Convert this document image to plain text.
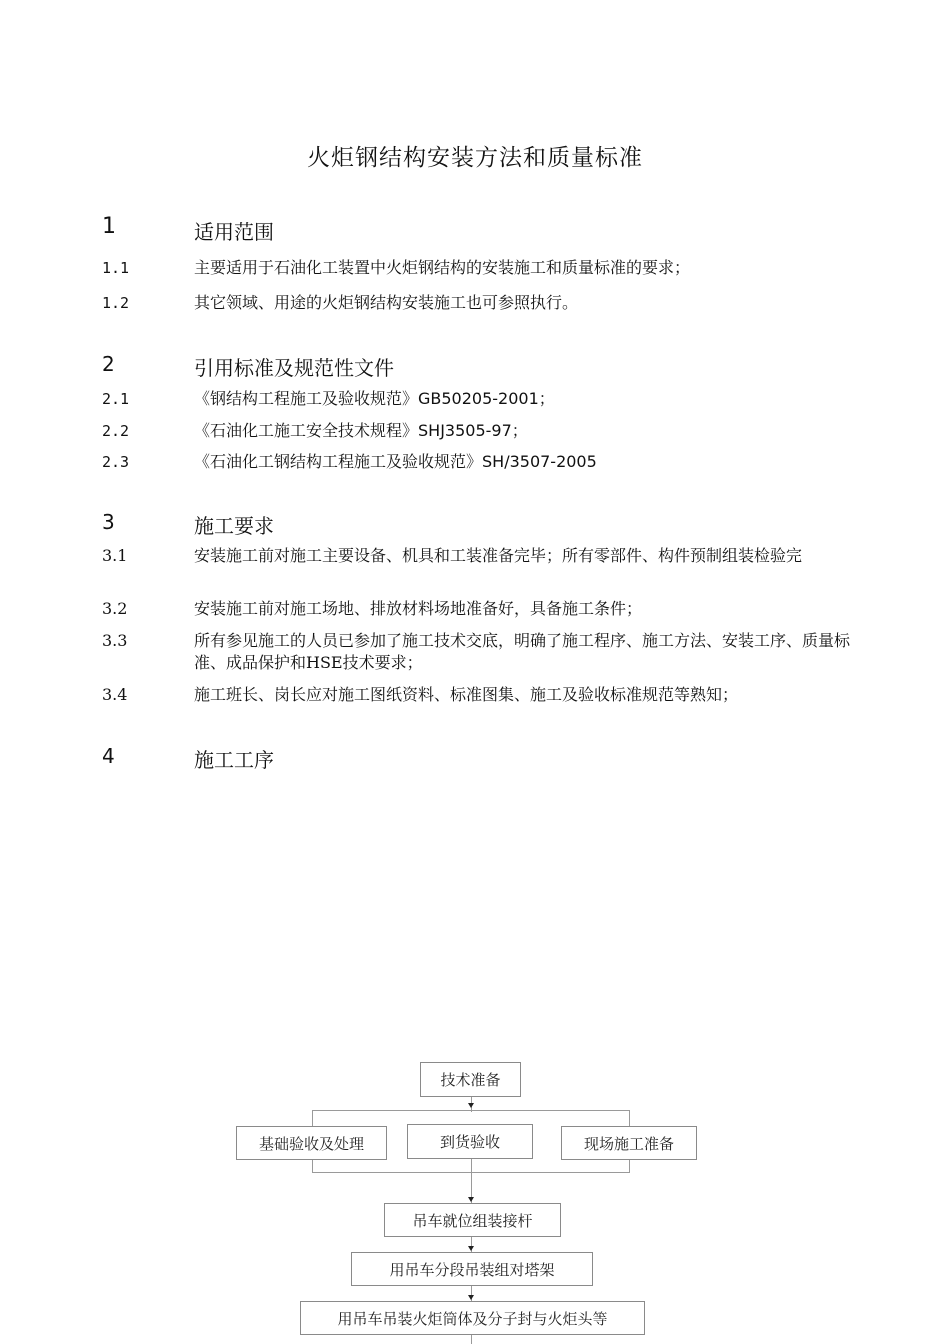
火炬钢结构安装方法和质量标准
1	适用范围
1.1	主要适用于石油化工装置中火炬钢结构的安装施工和质量标准的要求；
1.2	其它领域、用途的火炬钢结构安装施工也可参照执行。
2	引用标准及规范性文件
2.1	《钢结构工程施工及验收规范》GB50205-2001；
2.2	《石油化工施工安全技术规程》SHJ3505-97；
2.3	《石油化工钢结构工程施工及验收规范》SH/3507-2005
3	施工要求
3.1	安装施工前对施工主要设备、机具和工装准备完毕；所有零部件、构件预制组装检验完
3.2	安装施工前对施工场地、排放材料场地准备好，具备施工条件；
3.3	所有参见施工的人员已参加了施工技术交底，明确了施工程序、施工方法、安装工序、质量标准、成品保护和HSE技术要求；
3.4	施工班长、岗长应对施工图纸资料、标准图集、施工及验收标准规范等熟知；
4	施工工序
技术准备
基础验收及处理	到货验收	现场施工准备
吊车就位组装接杆
用吊车分段吊装组对塔架
用吊车吊装火炬筒体及分子封与火炬头等
